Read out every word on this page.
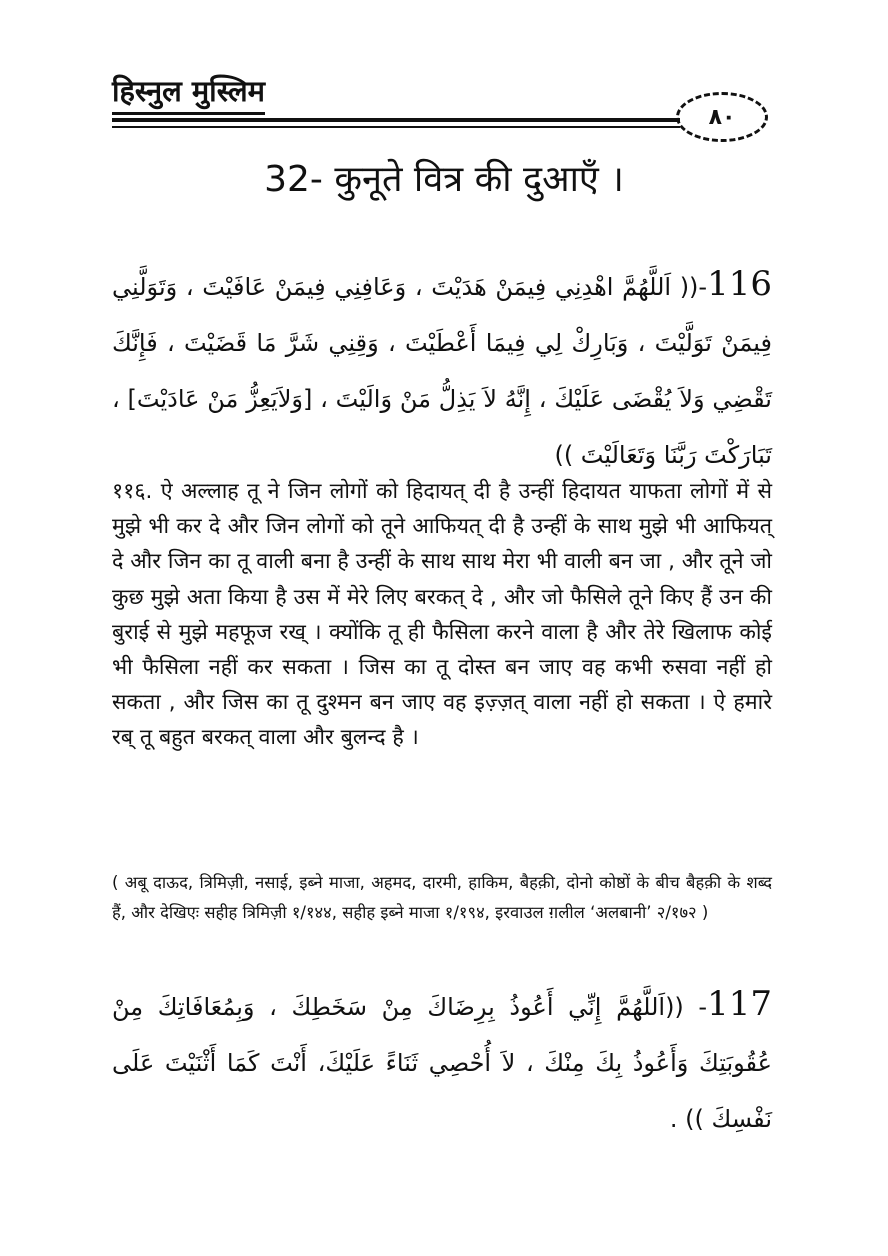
हिस्नुल मुस्लिम
٨٠
32- कुनूते वित्र की दुआएँ ।
116-(( اَللَّهُمَّ اهْدِنِي فِيمَنْ هَدَيْتَ ، وَعَافِنِي فِيمَنْ عَافَيْتَ ، وَتَوَلَّنِي فِيمَنْ تَوَلَّيْتَ ، وَبَارِكْ لِي فِيمَا أَعْطَيْتَ ، وَقِنِي شَرَّ مَا قَضَيْتَ ، فَإِنَّكَ تَقْضِي وَلاَ يُقْضَى عَلَيْكَ ، إِنَّهُ لاَ يَذِلُّ مَنْ وَالَيْتَ ، [وَلاَيَعِزُّ مَنْ عَادَيْتَ] ، تَبَارَكْتَ رَبَّنَا وَتَعَالَيْتَ ))
११६. ऐ अल्लाह तू ने जिन लोगों को हिदायत् दी है उन्हीं हिदायत याफता लोगों में से मुझे भी कर दे और जिन लोगों को तूने आफियत् दी है उन्हीं के साथ मुझे भी आफियत् दे और जिन का तू वाली बना है उन्हीं के साथ साथ मेरा भी वाली बन जा , और तूने जो कुछ मुझे अता किया है उस में मेरे लिए बरकत् दे , और जो फैसिले तूने किए हैं उन की बुराई से मुझे महफूज रख् । क्योंकि तू ही फैसिला करने वाला है और तेरे खिलाफ कोई भी फैसिला नहीं कर सकता । जिस का तू दोस्त बन जाए वह कभी रुसवा नहीं हो सकता , और जिस का तू दुश्मन बन जाए वह इज़्ज़त् वाला नहीं हो सकता । ऐ हमारे रब् तू बहुत बरकत् वाला और बुलन्द है ।
( अबू दाऊद, त्रिमिज़ी, नसाई, इब्ने माजा, अहमद, दारमी, हाकिम, बैहक़ी, दोनो कोष्ठों के बीच बैहक़ी के शब्द हैं, और देखिएः सहीह त्रिमिज़ी १/१४४, सहीह इब्ने माजा १/१९४, इरवाउल ग़लील ‘अलबानी’ २/१७२ )
117- ((اَللَّهُمَّ إِنِّي أَعُوذُ بِرِضَاكَ مِنْ سَخَطِكَ ، وَبِمُعَافَاتِكَ مِنْ عُقُوبَتِكَ وَأَعُوذُ بِكَ مِنْكَ ، لاَ أُحْصِي ثَنَاءً عَلَيْكَ، أَنْتَ كَمَا أَثْنَيْتَ عَلَى نَفْسِكَ )) .
